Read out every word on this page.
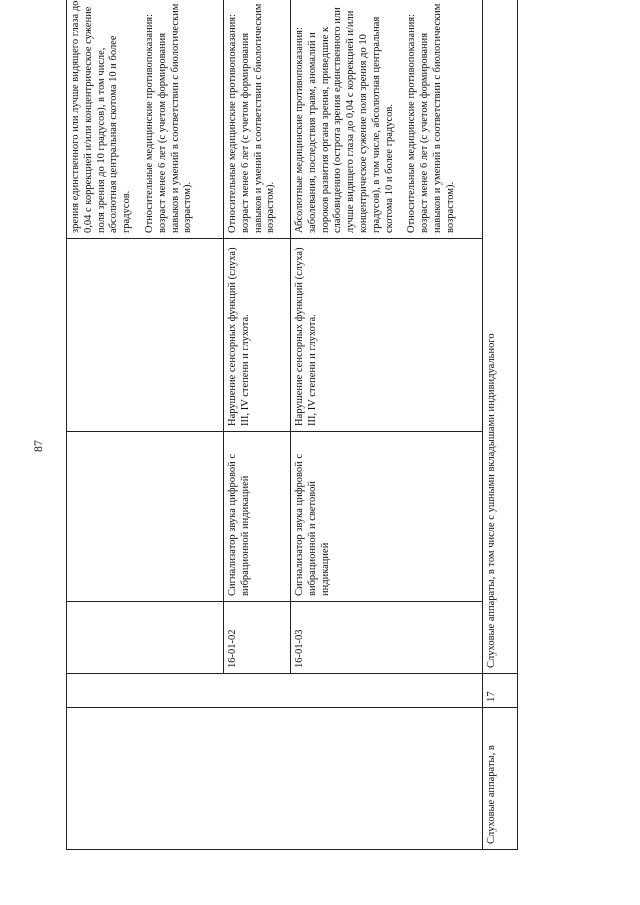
87

					зрения единственного или лучше видящего глаза до 0,04 с коррекцией и/или концентрическое сужение поля зрения до 10 градусов), в том числе, абсолютная центральная скотома 10 и более градусов. Относительные медицинские противопоказания: возраст менее 6 лет (с учетом формирования навыков и умений в соответствии с биологическим возрастом).

		16-01-02	Сигнализатор звука цифровой с вибрационной индикацией	Нарушение сенсорных функций (слуха) III, IV степени и глухота.	Относительные медицинские противопоказания: возраст менее 6 лет (с учетом формирования навыков и умений в соответствии с биологическим возрастом).

		16-01-03	Сигнализатор звука цифровой с вибрационной и световой индикацией	Нарушение сенсорных функций (слуха) III, IV степени и глухота.	Абсолютные медицинские противопоказания: заболевания, последствия травм, аномалий и пороков развития органа зрения, приведшие к слабовидению (острота зрения единственного или лучше видящего глаза до 0,04 с коррекцией и/или концентрическое сужение поля зрения до 10 градусов), в том числе, абсолютная центральная скотома 10 и более градусов. Относительные медицинские противопоказания: возраст менее 6 лет (с учетом формирования навыков и умений в соответствии с биологическим возрастом).

Слуховые аппараты, в	17	Слуховые аппараты, в том числе с ушными вкладышами индивидуального			
